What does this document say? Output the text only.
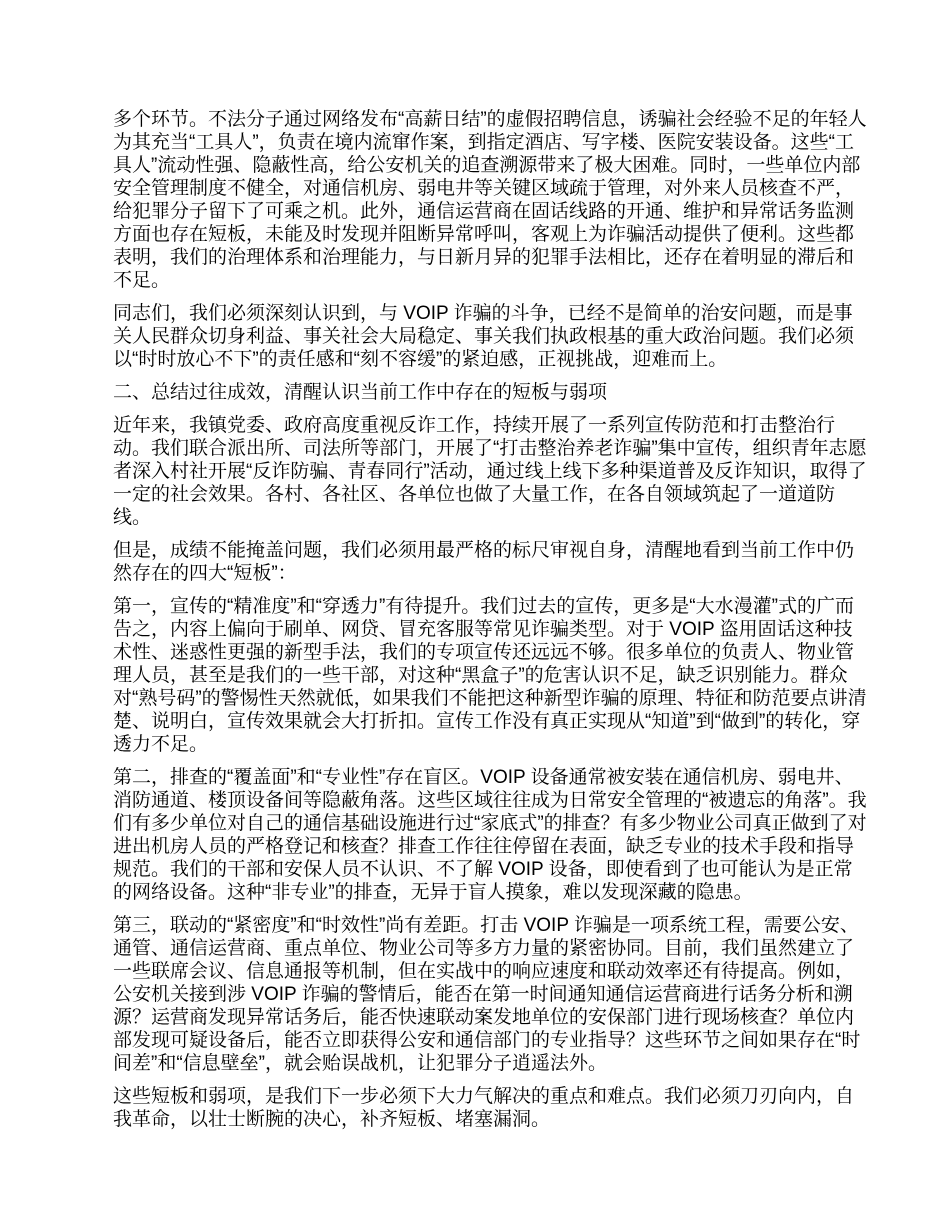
多个环节。不法分子通过网络发布“高薪日结”的虚假招聘信息，诱骗社会经验不足的年轻人为其充当“工具人”，负责在境内流窜作案，到指定酒店、写字楼、医院安装设备。这些“工具人”流动性强、隐蔽性高，给公安机关的追查溯源带来了极大困难。同时，一些单位内部安全管理制度不健全，对通信机房、弱电井等关键区域疏于管理，对外来人员核查不严，给犯罪分子留下了可乘之机。此外，通信运营商在固话线路的开通、维护和异常话务监测方面也存在短板，未能及时发现并阻断异常呼叫，客观上为诈骗活动提供了便利。这些都表明，我们的治理体系和治理能力，与日新月异的犯罪手法相比，还存在着明显的滞后和不足。

同志们，我们必须深刻认识到，与 VOIP 诈骗的斗争，已经不是简单的治安问题，而是事关人民群众切身利益、事关社会大局稳定、事关我们执政根基的重大政治问题。我们必须以“时时放心不下”的责任感和“刻不容缓”的紧迫感，正视挑战，迎难而上。

二、总结过往成效，清醒认识当前工作中存在的短板与弱项

近年来，我镇党委、政府高度重视反诈工作，持续开展了一系列宣传防范和打击整治行动。我们联合派出所、司法所等部门，开展了“打击整治养老诈骗”集中宣传，组织青年志愿者深入村社开展“反诈防骗、青春同行”活动，通过线上线下多种渠道普及反诈知识，取得了一定的社会效果。各村、各社区、各单位也做了大量工作，在各自领域筑起了一道道防线。

但是，成绩不能掩盖问题，我们必须用最严格的标尺审视自身，清醒地看到当前工作中仍然存在的四大“短板”：

第一，宣传的“精准度”和“穿透力”有待提升。我们过去的宣传，更多是“大水漫灌”式的广而告之，内容上偏向于刷单、网贷、冒充客服等常见诈骗类型。对于 VOIP 盗用固话这种技术性、迷惑性更强的新型手法，我们的专项宣传还远远不够。很多单位的负责人、物业管理人员，甚至是我们的一些干部，对这种“黑盒子”的危害认识不足，缺乏识别能力。群众对“熟号码”的警惕性天然就低，如果我们不能把这种新型诈骗的原理、特征和防范要点讲清楚、说明白，宣传效果就会大打折扣。宣传工作没有真正实现从“知道”到“做到”的转化，穿透力不足。

第二，排查的“覆盖面”和“专业性”存在盲区。VOIP 设备通常被安装在通信机房、弱电井、消防通道、楼顶设备间等隐蔽角落。这些区域往往成为日常安全管理的“被遗忘的角落”。我们有多少单位对自己的通信基础设施进行过“家底式”的排查？有多少物业公司真正做到了对进出机房人员的严格登记和核查？排查工作往往停留在表面，缺乏专业的技术手段和指导规范。我们的干部和安保人员不认识、不了解 VOIP 设备，即使看到了也可能认为是正常的网络设备。这种“非专业”的排查，无异于盲人摸象，难以发现深藏的隐患。

第三，联动的“紧密度”和“时效性”尚有差距。打击 VOIP 诈骗是一项系统工程，需要公安、通管、通信运营商、重点单位、物业公司等多方力量的紧密协同。目前，我们虽然建立了一些联席会议、信息通报等机制，但在实战中的响应速度和联动效率还有待提高。例如，公安机关接到涉 VOIP 诈骗的警情后，能否在第一时间通知通信运营商进行话务分析和溯源？运营商发现异常话务后，能否快速联动案发地单位的安保部门进行现场核查？单位内部发现可疑设备后，能否立即获得公安和通信部门的专业指导？这些环节之间如果存在“时间差”和“信息壁垒”，就会贻误战机，让犯罪分子逍遥法外。

这些短板和弱项，是我们下一步必须下大力气解决的重点和难点。我们必须刀刃向内，自我革命，以壮士断腕的决心，补齐短板、堵塞漏洞。
